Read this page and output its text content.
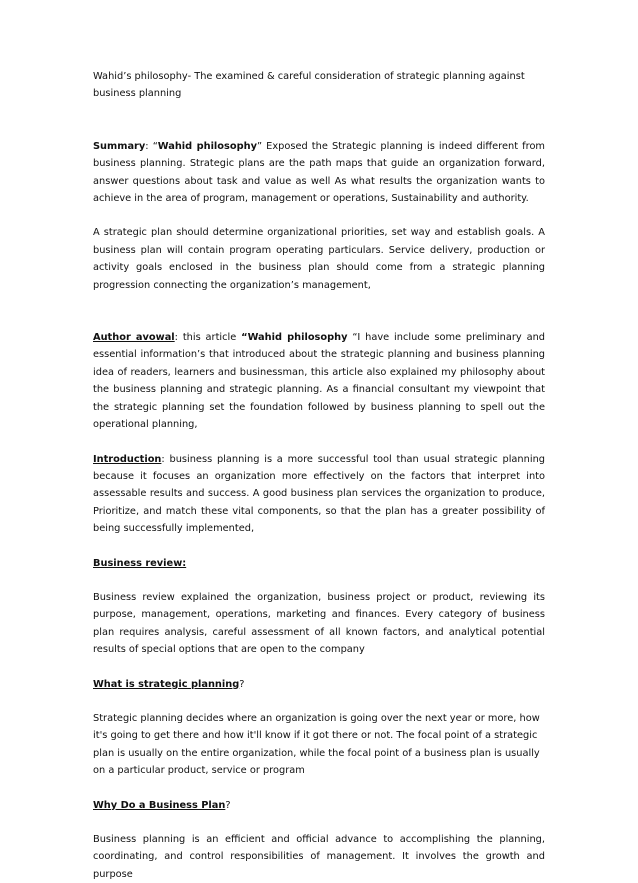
Wahid’s philosophy- The examined & careful consideration of strategic planning against business planning

Summary: “Wahid philosophy” Exposed the Strategic planning is indeed different from business planning. Strategic plans are the path maps that guide an organization forward, answer questions about task and value as well As what results the organization wants to achieve in the area of program, management or operations, Sustainability and authority.

A strategic plan should determine organizational priorities, set way and establish goals. A business plan will contain program operating particulars. Service delivery, production or activity goals enclosed in the business plan should come from a strategic planning progression connecting the organization’s management,

Author avowal: this article “Wahid philosophy “I have include some preliminary and essential information’s that introduced about the strategic planning and business planning idea of readers, learners and businessman, this article also explained my philosophy about the business planning and strategic planning. As a financial consultant my viewpoint that the strategic planning set the foundation followed by business planning to spell out the operational planning,

Introduction: business planning is a more successful tool than usual strategic planning because it focuses an organization more effectively on the factors that interpret into assessable results and success. A good business plan services the organization to produce, Prioritize, and match these vital components, so that the plan has a greater possibility of being successfully implemented,

Business review:

Business review explained the organization, business project or product, reviewing its purpose, management, operations, marketing and finances. Every category of business plan requires analysis, careful assessment of all known factors, and analytical potential results of special options that are open to the company

What is strategic planning?

Strategic planning decides where an organization is going over the next year or more, how it's going to get there and how it'll know if it got there or not. The focal point of a strategic plan is usually on the entire organization, while the focal point of a business plan is usually on a particular product, service or program

Why Do a Business Plan?

Business planning is an efficient and official advance to accomplishing the planning, coordinating, and control responsibilities of management. It involves the growth and purpose
